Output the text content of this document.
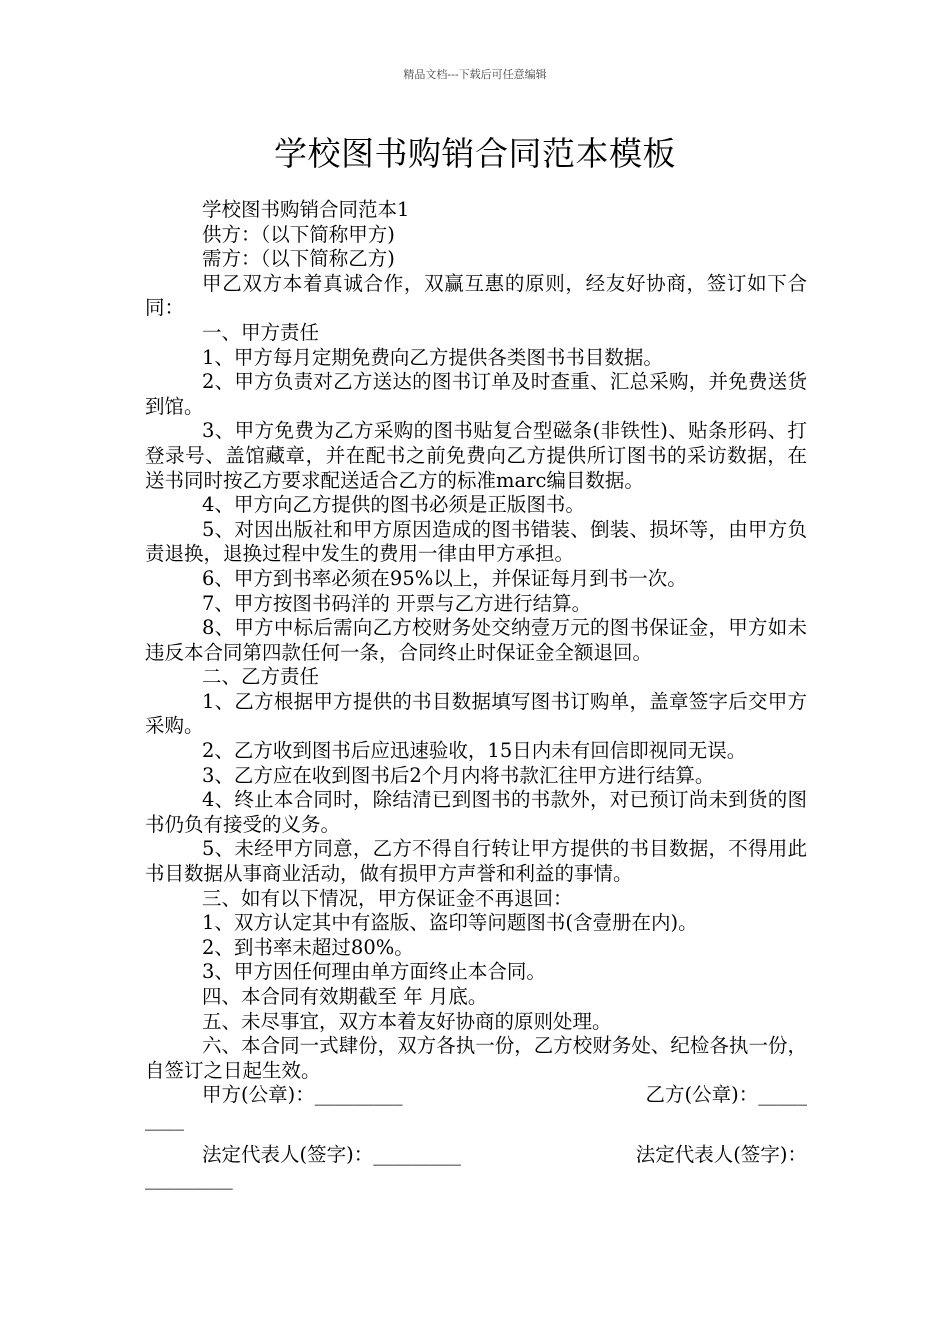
精品文档---下载后可任意编辑
学校图书购销合同范本模板

学校图书购销合同范本1

供方：（以下简称甲方)

需方：（以下简称乙方)

甲乙双方本着真诚合作，双赢互惠的原则，经友好协商，签订如下合同：

一、甲方责任

1、甲方每月定期免费向乙方提供各类图书书目数据。

2、甲方负责对乙方送达的图书订单及时查重、汇总采购，并免费送货到馆。

3、甲方免费为乙方采购的图书贴复合型磁条(非铁性)、贴条形码、打登录号、盖馆藏章，并在配书之前免费向乙方提供所订图书的采访数据，在送书同时按乙方要求配送适合乙方的标准marc编目数据。

4、甲方向乙方提供的图书必须是正版图书。

5、对因出版社和甲方原因造成的图书错装、倒装、损坏等，由甲方负责退换，退换过程中发生的费用一律由甲方承担。

6、甲方到书率必须在95%以上，并保证每月到书一次。

7、甲方按图书码洋的 开票与乙方进行结算。

8、甲方中标后需向乙方校财务处交纳壹万元的图书保证金，甲方如未违反本合同第四款任何一条，合同终止时保证金全额退回。

二、乙方责任

1、乙方根据甲方提供的书目数据填写图书订购单，盖章签字后交甲方采购。

2、乙方收到图书后应迅速验收，15日内未有回信即视同无误。

3、乙方应在收到图书后2个月内将书款汇往甲方进行结算。

4、终止本合同时，除结清已到图书的书款外，对已预订尚未到货的图书仍负有接受的义务。

5、未经甲方同意，乙方不得自行转让甲方提供的书目数据，不得用此书目数据从事商业活动，做有损甲方声誉和利益的事情。

三、如有以下情况，甲方保证金不再退回：

1、双方认定其中有盗版、盗印等问题图书(含壹册在内)。

2、到书率未超过80%。

3、甲方因任何理由单方面终止本合同。

四、本合同有效期截至 年 月底。

五、未尽事宜，双方本着友好协商的原则处理。

六、本合同一式肆份，双方各执一份，乙方校财务处、纪检各执一份，自签订之日起生效。

甲方(公章)：_________	乙方(公章)：_____
____
法定代表人(签字)：_________	法定代表人(签字)：
_________
